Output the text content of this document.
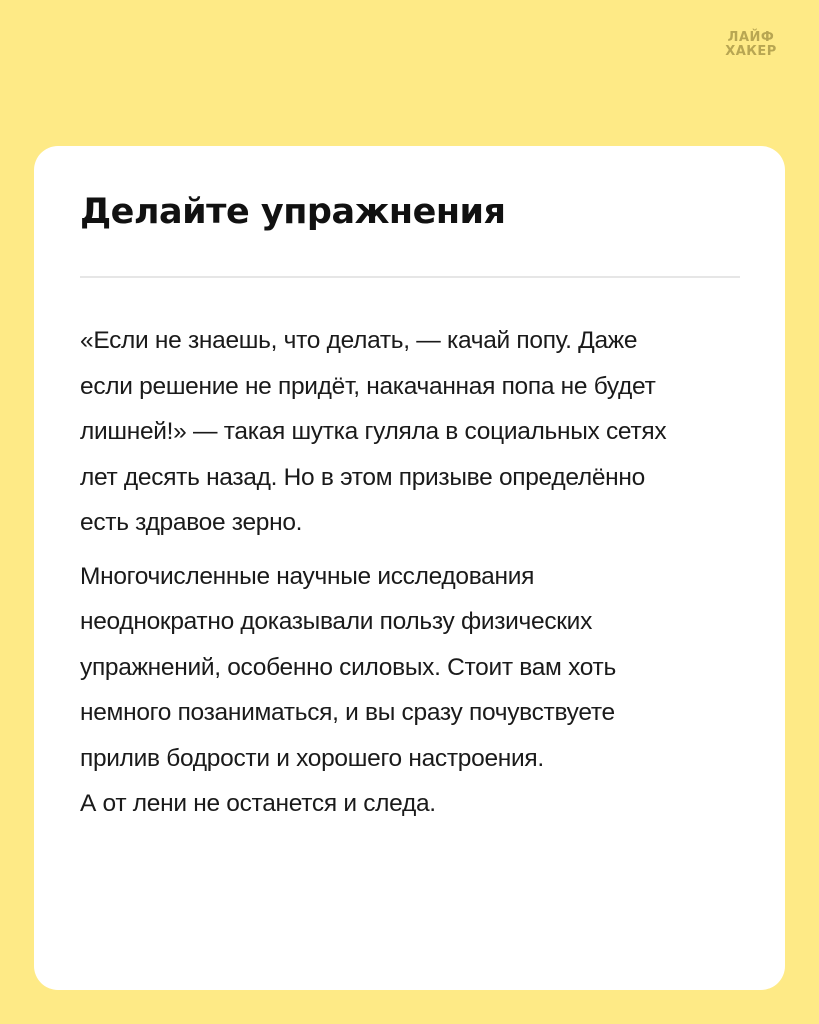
ЛАЙФ
ХАКЕР
Делайте упражнения

«Если не знаешь, что делать, — качай попу. Даже
если решение не придёт, накачанная попа не будет
лишней!» — такая шутка гуляла в социальных сетях
лет десять назад. Но в этом призыве определённо
есть здравое зерно.

Многочисленные научные исследования
неоднократно доказывали пользу физических
упражнений, особенно силовых. Стоит вам хоть
немного позаниматься, и вы сразу почувствуете
прилив бодрости и хорошего настроения.
А от лени не останется и следа.
